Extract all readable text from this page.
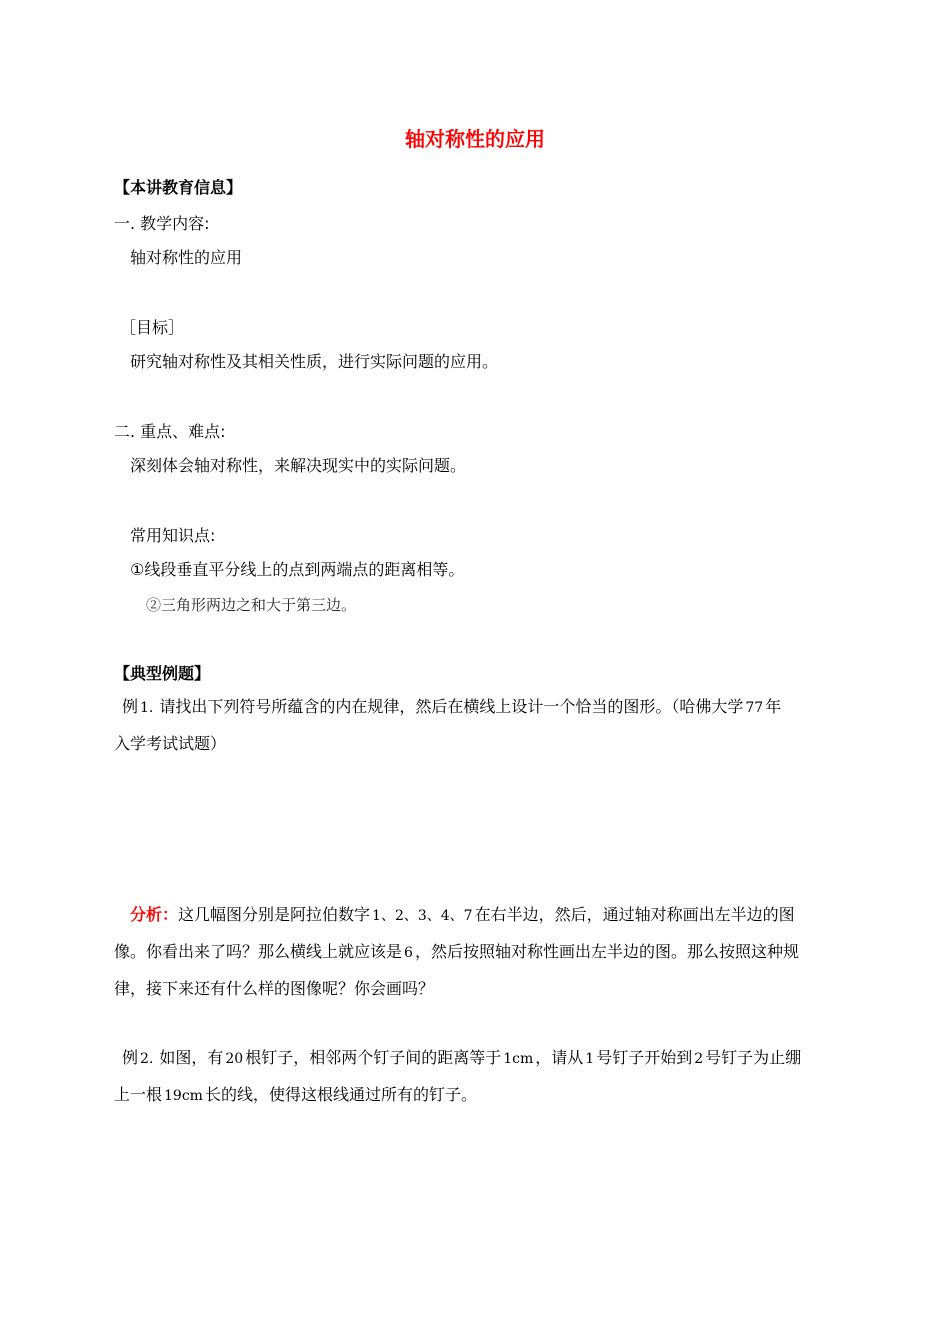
轴对称性的应用
【本讲教育信息】
一. 教学内容:
轴对称性的应用
［目标］
研究轴对称性及其相关性质，进行实际问题的应用。
二. 重点、难点:
深刻体会轴对称性，来解决现实中的实际问题。
常用知识点:
①线段垂直平分线上的点到两端点的距离相等。
②三角形两边之和大于第三边。
【典型例题】
例 1. 请找出下列符号所蕴含的内在规律，然后在横线上设计一个恰当的图形。（哈佛大学 77 年
入学考试试题）
分析：这几幅图分别是阿拉伯数字 1、2、3、4、7 在右半边，然后，通过轴对称画出左半边的图
像。你看出来了吗？那么横线上就应该是 6 ，然后按照轴对称性画出左半边的图。那么按照这种规
律，接下来还有什么样的图像呢？你会画吗？
例 2. 如图，有 20 根钉子，相邻两个钉子间的距离等于 1cm ，请从 1 号钉子开始到 2 号钉子为止绷
上一根 19cm 长的线，使得这根线通过所有的钉子。
